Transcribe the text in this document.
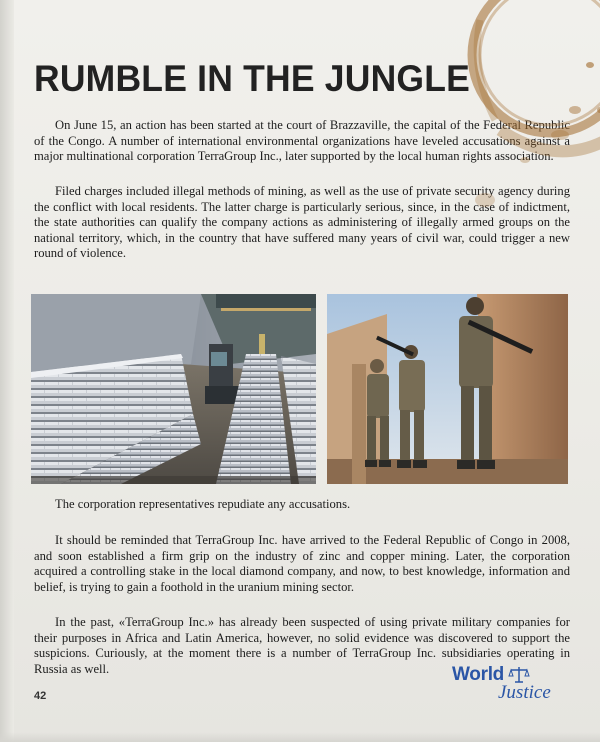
RUMBLE IN THE JUNGLE

On June 15, an action has been started at the court of Brazzaville, the capital of the Federal Republic of the Congo. A number of international environmental organizations have leveled accusations against a major multinational corporation TerraGroup Inc., later supported by the local human rights association.

Filed charges included illegal methods of mining, as well as the use of private security agency during the conflict with local residents. The latter charge is particularly serious, since, in the case of indictment, the state authorities can qualify the company actions as administering of illegally armed groups on the national territory, which, in the country that have suffered many years of civil war, could trigger a new round of violence.

The corporation representatives repudiate any accusations.

It should be reminded that TerraGroup Inc. have arrived to the Federal Republic of Congo in 2008, and soon established a firm grip on the industry of zinc and copper mining. Later, the corporation acquired a controlling stake in the local diamond company, and now, to best knowledge, information and belief, is trying to gain a foothold in the uranium mining sector.

In the past, «TerraGroup Inc.» has already been suspected of using private military companies for their purposes in Africa and Latin America, however, no solid evidence was discovered to support the suspicions. Curiously, at the moment there is a number of TerraGroup Inc. subsidiaries operating in Russia as well.

42

World
Justice
